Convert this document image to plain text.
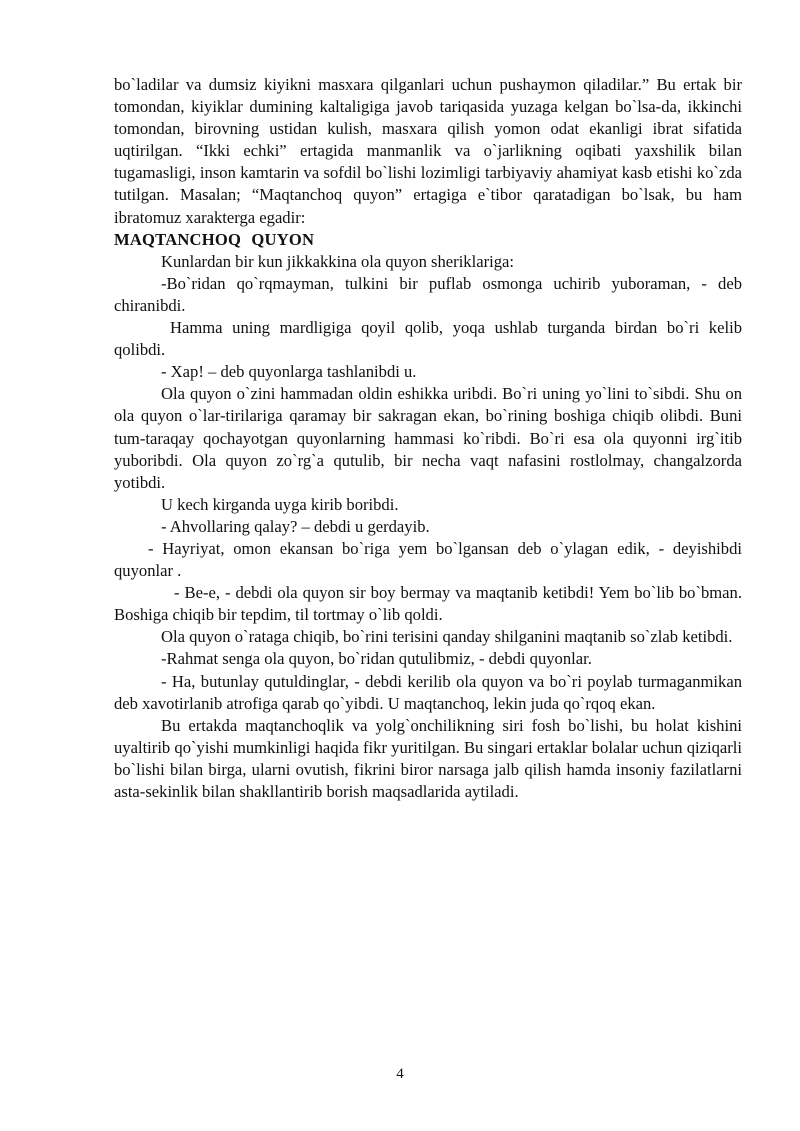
bo`ladilar va dumsiz kiyikni masxara qilganlari uchun pushaymon qiladilar.” Bu ertak bir tomondan, kiyiklar dumining kaltaligiga javob tariqasida yuzaga kelgan bo`lsa-da, ikkinchi tomondan, birovning ustidan kulish, masxara qilish yomon odat ekanligi ibrat sifatida uqtirilgan. “Ikki echki” ertagida manmanlik va o`jarlikning oqibati yaxshilik bilan tugamasligi, inson kamtarin va sofdil bo`lishi lozimligi tarbiyaviy ahamiyat kasb etishi ko`zda tutilgan. Masalan; “Maqtanchoq quyon” ertagiga e`tibor qaratadigan bo`lsak, bu ham ibratomuz xarakterga egadir:

MAQTANCHOQ QUYON

Kunlardan bir kun jikkakkina ola quyon sheriklariga:

-Bo`ridan qo`rqmayman, tulkini bir puflab osmonga uchirib yuboraman, - deb chiranibdi.

Hamma uning mardligiga qoyil qolib, yoqa ushlab turganda birdan bo`ri kelib qolibdi.

- Xap! – deb quyonlarga tashlanibdi u.

Ola quyon o`zini hammadan oldin eshikka uribdi. Bo`ri uning yo`lini to`sibdi. Shu on ola quyon o`lar-tirilariga qaramay bir sakragan ekan, bo`rining boshiga chiqib olibdi. Buni tum-taraqay qochayotgan quyonlarning hammasi ko`ribdi. Bo`ri esa ola quyonni irg`itib yuboribdi. Ola quyon zo`rg`a qutulib, bir necha vaqt nafasini rostlolmay, changalzorda yotibdi.

U kech kirganda uyga kirib boribdi.

- Ahvollaring qalay? – debdi u gerdayib.

- Hayriyat, omon ekansan bo`riga yem bo`lgansan deb o`ylagan edik, - deyishibdi quyonlar .

- Be-e, - debdi ola quyon sir boy bermay va maqtanib ketibdi! Yem bo`lib bo`bman. Boshiga chiqib bir tepdim, til tortmay o`lib qoldi.

Ola quyon o`rataga chiqib, bo`rini terisini qanday shilganini maqtanib so`zlab ketibdi.

-Rahmat senga ola quyon, bo`ridan qutulibmiz, - debdi quyonlar.

- Ha, butunlay qutuldinglar, - debdi kerilib ola quyon va bo`ri poylab turmaganmikan deb xavotirlanib atrofiga qarab qo`yibdi. U maqtanchoq, lekin juda qo`rqoq ekan.

Bu ertakda maqtanchoqlik va yolg`onchilikning siri fosh bo`lishi, bu holat kishini uyaltirib qo`yishi mumkinligi haqida fikr yuritilgan. Bu singari ertaklar bolalar uchun qiziqarli bo`lishi bilan birga, ularni ovutish, fikrini biror narsaga jalb qilish hamda insoniy fazilatlarni asta-sekinlik bilan shakllantirib borish maqsadlarida aytiladi.

4
